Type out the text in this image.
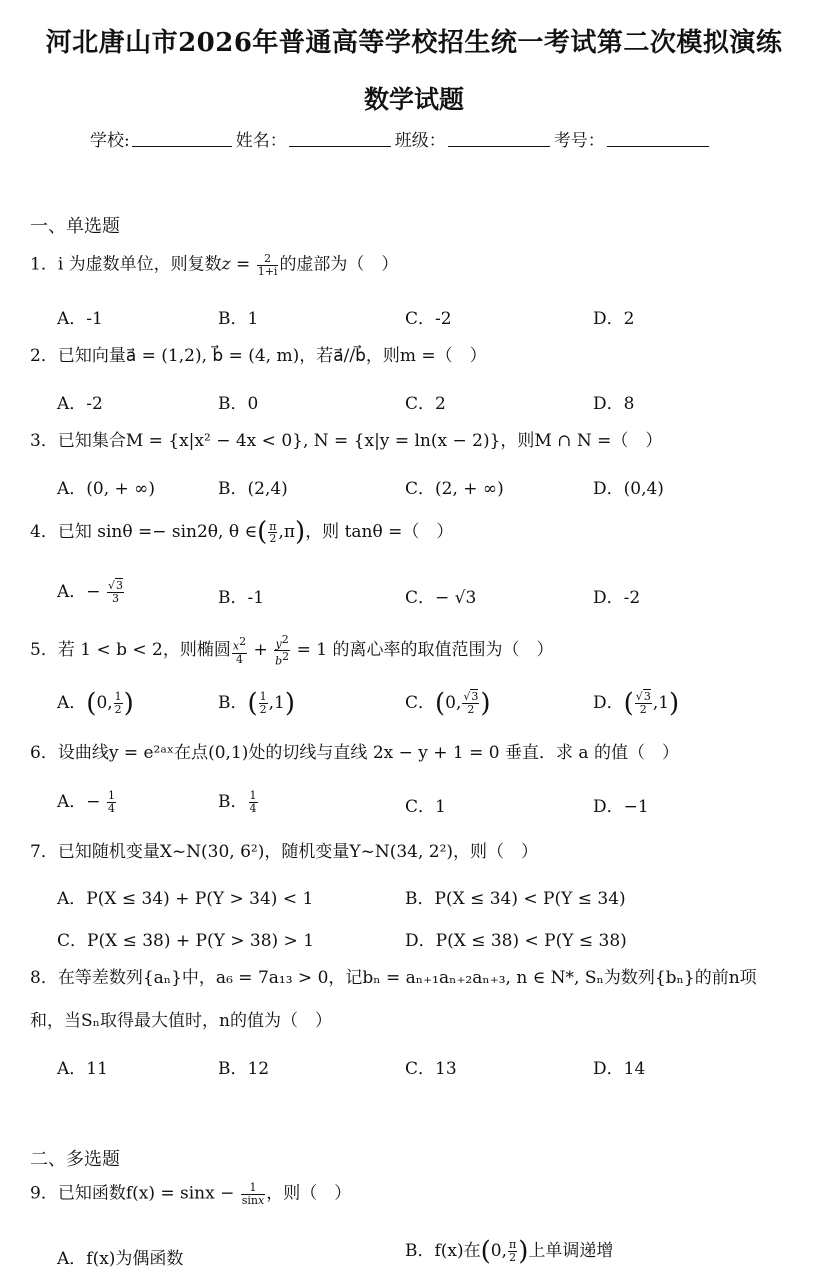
河北唐山市2026年普通高等学校招生统一考试第二次模拟演练
数学试题
学校:	姓名：	班级：	考号：
一、单选题
1．i 为虚数单位，则复数$z = \frac{2}{1+i}$ 的虚部为（　）
A．-1	B．1	C．-2	D．2
2．已知向量a⃗ = (1,2), b⃗ = (4, m)，若a⃗//b⃗，则m =（　）
A．-2	B．0	C．2	D．8
3．已知集合M = {x|x² − 4x < 0}, N = {x|y = ln(x − 2)}，则M ∩ N =（　）
A．(0, + ∞)	B．(2,4)	C．(2, + ∞)	D．(0,4)
4．已知 sinθ =− sin2θ, θ ∈( $\frac{\pi}{2} ,\pi$)，则 tanθ =（　）
A．− $\frac{√3}{3}$	B．-1	C．− √3	D．-2
5．若 1 < b < 2，则椭圆 $\frac{x^2}{4} + \frac{y^2}{b^2} = 1$ 的离心率的取值范围为（　）
A．(0, $\frac{1}{2}$ )	B．( $\frac{1}{2} ,1$)	C．(0, $\frac{√3}{2}$ )	D．( $\frac{√3}{2} ,1$)
6．设曲线y = e²ᵃˣ在点(0,1)处的切线与直线 2x − y + 1 = 0 垂直．求 a 的值（　）
A．− $\frac{1}{4}$	B． $\frac{1}{4}$	C．1	D．−1
7．已知随机变量X~N(30, 6²)，随机变量Y~N(34, 2²)，则（　）
A．P(X ≤ 34) + P(Y > 34) < 1	B．P(X ≤ 34) < P(Y ≤ 34)
C．P(X ≤ 38) + P(Y > 38) > 1	D．P(X ≤ 38) < P(Y ≤ 38)
8．在等差数列{aₙ}中，a₆ = 7a₁₃ > 0，记bₙ = aₙ₊₁aₙ₊₂aₙ₊₃, n ∈ N*, Sₙ为数列{bₙ}的前n项
和，当Sₙ取得最大值时，n的值为（　）
A．11	B．12	C．13	D．14
二、多选题
9．已知函数$f(x) = \sin x - \frac{1}{\sin x}$ ，则（　）
A．f(x)为偶函数	B．f(x)在(0, $\frac{\pi}{2}$ )上单调递增
